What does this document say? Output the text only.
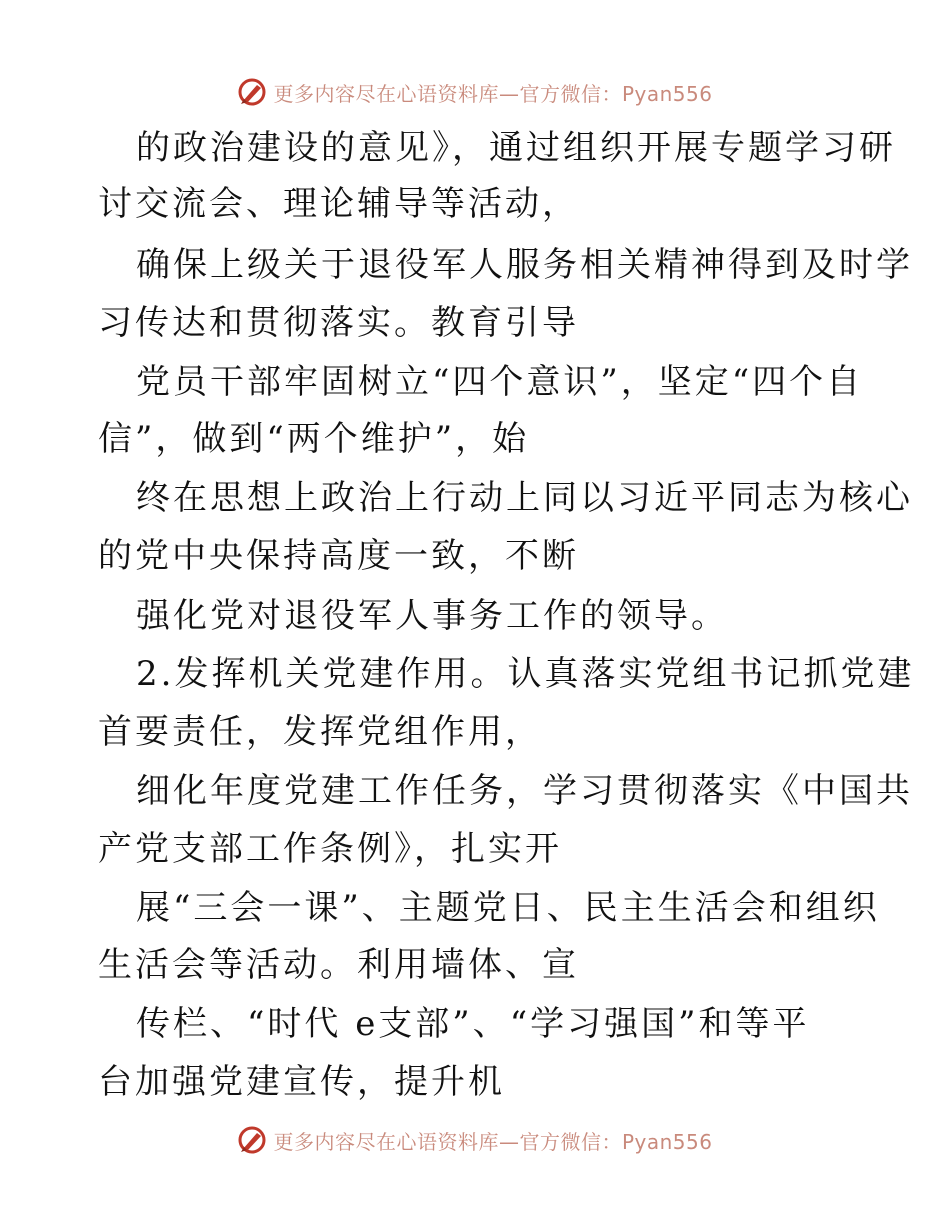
更多内容尽在心语资料库—官方微信：Pyan556
的政治建设的意见》，通过组织开展专题学习研
讨交流会、理论辅导等活动，
确保上级关于退役军人服务相关精神得到及时学
习传达和贯彻落实。教育引导
党员干部牢固树立“四个意识”，坚定“四个自
信”，做到“两个维护”，始
终在思想上政治上行动上同以习近平同志为核心
的党中央保持高度一致，不断
强化党对退役军人事务工作的领导。
2.发挥机关党建作用。认真落实党组书记抓党建
首要责任，发挥党组作用，
细化年度党建工作任务，学习贯彻落实《中国共
产党支部工作条例》，扎实开
展“三会一课”、主题党日、民主生活会和组织
生活会等活动。利用墙体、宣
传栏、“时代 e支部”、“学习强国”和等平
台加强党建宣传，提升机
更多内容尽在心语资料库—官方微信：Pyan556
